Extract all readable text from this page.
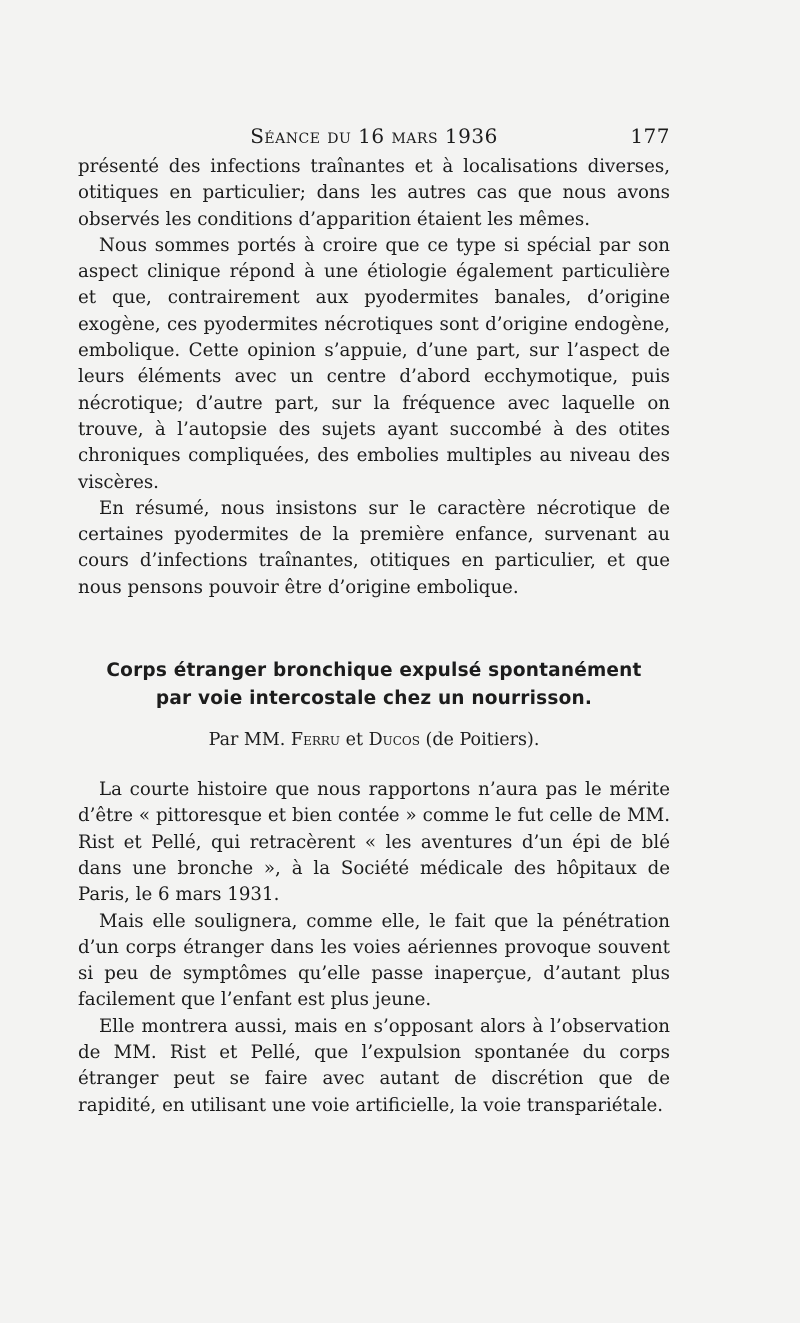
Séance du 16 mars 1936	177

présenté des infections traînantes et à localisations diverses, otitiques en particulier; dans les autres cas que nous avons observés les conditions d’apparition étaient les mêmes.

Nous sommes portés à croire que ce type si spécial par son aspect clinique répond à une étiologie également particulière et que, contrairement aux pyodermites banales, d’origine exogène, ces pyodermites nécrotiques sont d’origine endogène, embolique. Cette opinion s’appuie, d’une part, sur l’aspect de leurs éléments avec un centre d’abord ecchymotique, puis nécrotique; d’autre part, sur la fréquence avec laquelle on trouve, à l’autopsie des sujets ayant succombé à des otites chroniques compliquées, des embolies multiples au niveau des viscères.

En résumé, nous insistons sur le caractère nécrotique de certaines pyodermites de la première enfance, survenant au cours d’infections traînantes, otitiques en particulier, et que nous pensons pouvoir être d’origine embolique.

Corps étranger bronchique expulsé spontanément

par voie intercostale chez un nourrisson.

Par MM. Ferru et Ducos (de Poitiers).

La courte histoire que nous rapportons n’aura pas le mérite d’être « pittoresque et bien contée » comme le fut celle de MM. Rist et Pellé, qui retracèrent « les aventures d’un épi de blé dans une bronche », à la Société médicale des hôpitaux de Paris, le 6 mars 1931.

Mais elle soulignera, comme elle, le fait que la pénétration d’un corps étranger dans les voies aériennes provoque souvent si peu de symptômes qu’elle passe inaperçue, d’autant plus facilement que l’enfant est plus jeune.

Elle montrera aussi, mais en s’opposant alors à l’observation de MM. Rist et Pellé, que l’expulsion spontanée du corps étranger peut se faire avec autant de discrétion que de rapidité, en utilisant une voie artificielle, la voie transpariétale.
